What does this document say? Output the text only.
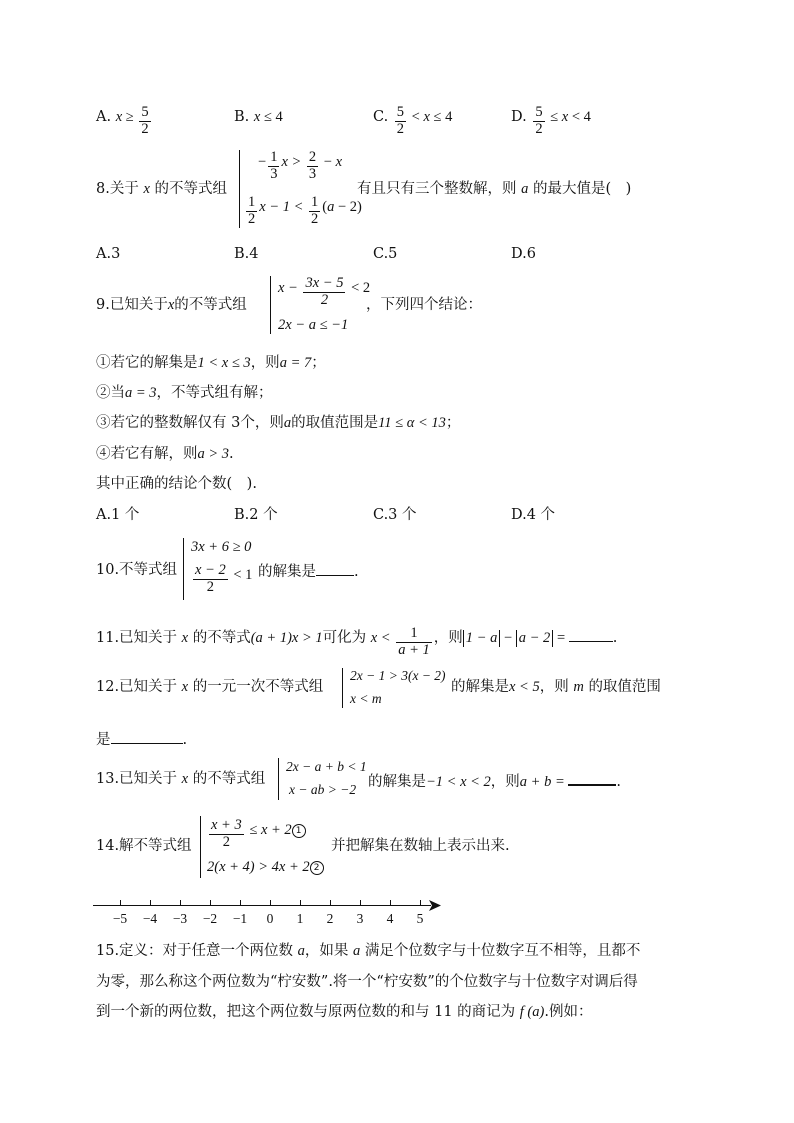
A. $x \ge \frac{5}{2}$	B. x ≤ 4	C. $\frac{5}{2} < x \le 4$	D. $\frac{5}{2} \le x < 4$
8.关于 x 的不等式组
− $\frac{1}{3}$ $x > \frac{2}{3} - x$
$\frac{1}{2}$ $x - 1 < \frac{1}{2} (a - 2)$
有且只有三个整数解，则 a 的最大值是(　)
A.3	B.4	C.5	D.6
9.已知关于x的不等式组
$x - \frac{3x - 5}{2} < 2$
2x − a ≤ −1
，下列四个结论：
①若它的解集是1 < x ≤ 3，则a = 7；
②当a = 3，不等式组有解；
③若它的整数解仅有 3个，则a的取值范围是11 ≤ α < 13；
④若它有解，则a > 3.
其中正确的结论个数(　).
A.1 个	B.2 个	C.3 个	D.4 个
10.不等式组
3x + 6 ≥ 0
$\frac{x - 2}{2} < 1$ 的解集是	.
11.已知关于 x 的不等式(a + 1)x > 1可化为 $x < \frac{1}{a + 1}$ ，则 1 − a − a − 2 =	.
12.已知关于 x 的一元一次不等式组
2x − 1 > 3(x − 2)
x < m
的解集是x < 5，则 m 的取值范围
是	.
13.已知关于 x 的不等式组
2x − a + b < 1
x − ab > −2 的解集是−1 < x < 2，则a + b =	.
14.解不等式组 $\frac{x + 3}{2} \le x + 2$ 1
2(x + 4) > 4x + 2 2
并把解集在数轴上表示出来.
−5	−4	−3	−2	−1	0	1	2	3	4	5
15.定义：对于任意一个两位数 a，如果 a 满足个位数字与十位数字互不相等，且都不
为零，那么称这个两位数为“柠安数”.将一个“柠安数”的个位数字与十位数字对调后得
到一个新的两位数，把这个两位数与原两位数的和与 11 的商记为 f (a).例如：
